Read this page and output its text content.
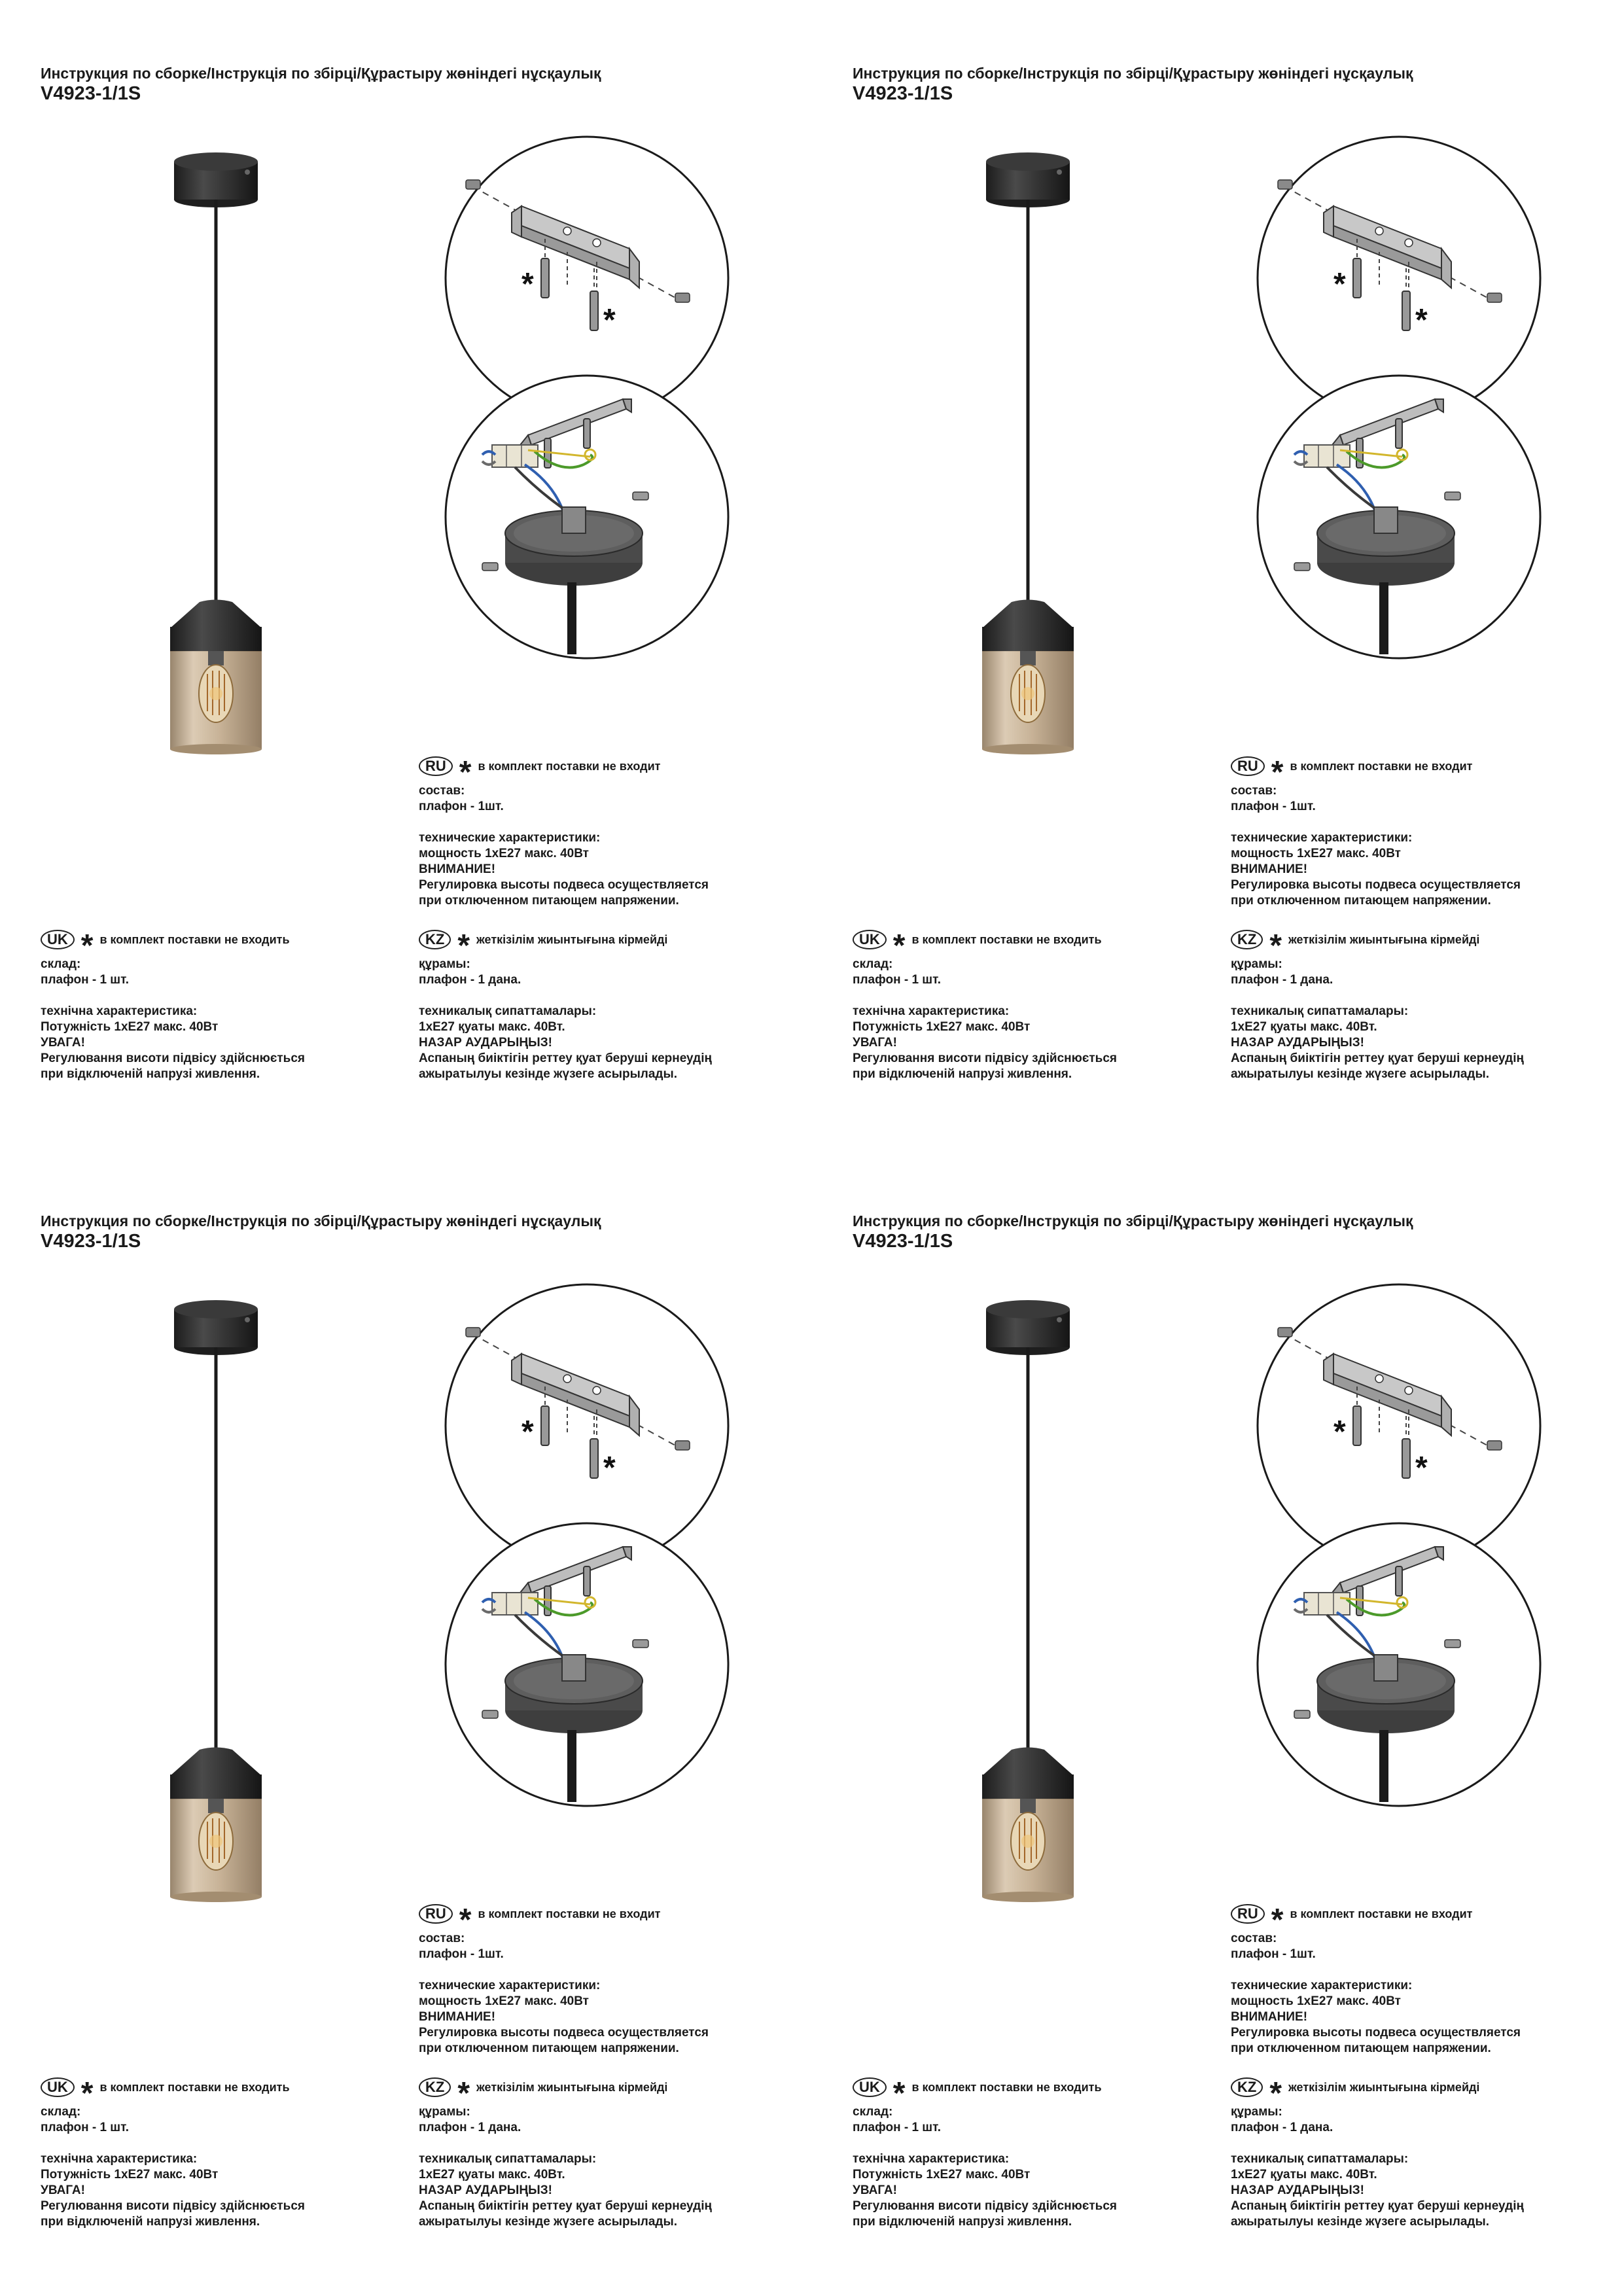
Инструкция по сборке/Інструкція по збірці/Құрастыру жөніндегі нұсқаулық
V4923-1/1S
*
*
RU * в комплект поставки не входит
состав:
плафон - 1шт.
технические характеристики:
мощность 1хЕ27 макс. 40Вт
ВНИМАНИЕ!
Регулировка высоты подвеса осуществляется
при отключенном питающем напряжении.
UK * в комплект поставки не входить
склад:
плафон - 1 шт.
технічна характеристика:
Потужність 1хЕ27 макс. 40Вт
УВАГА!
Регулювання висоти підвісу здійснюється
при відключеній напрузі живлення.
KZ * жеткізілім жиынтығына кірмейді
құрамы:
плафон - 1 дана.
техникалық сипаттамалары:
1хЕ27 қуаты макс. 40Вт.
НАЗАР АУДАРЫҢЫЗ!
Аспаның биіктігін реттеу қуат беруші кернеудің
ажыратылуы кезінде жүзеге асырылады.
Инструкция по сборке/Інструкція по збірці/Құрастыру жөніндегі нұсқаулық
V4923-1/1S
*
*
RU * в комплект поставки не входит
состав:
плафон - 1шт.
технические характеристики:
мощность 1хЕ27 макс. 40Вт
ВНИМАНИЕ!
Регулировка высоты подвеса осуществляется
при отключенном питающем напряжении.
UK * в комплект поставки не входить
склад:
плафон - 1 шт.
технічна характеристика:
Потужність 1хЕ27 макс. 40Вт
УВАГА!
Регулювання висоти підвісу здійснюється
при відключеній напрузі живлення.
KZ * жеткізілім жиынтығына кірмейді
құрамы:
плафон - 1 дана.
техникалық сипаттамалары:
1хЕ27 қуаты макс. 40Вт.
НАЗАР АУДАРЫҢЫЗ!
Аспаның биіктігін реттеу қуат беруші кернеудің
ажыратылуы кезінде жүзеге асырылады.
Инструкция по сборке/Інструкція по збірці/Құрастыру жөніндегі нұсқаулық
V4923-1/1S
*
*
RU * в комплект поставки не входит
состав:
плафон - 1шт.
технические характеристики:
мощность 1хЕ27 макс. 40Вт
ВНИМАНИЕ!
Регулировка высоты подвеса осуществляется
при отключенном питающем напряжении.
UK * в комплект поставки не входить
склад:
плафон - 1 шт.
технічна характеристика:
Потужність 1хЕ27 макс. 40Вт
УВАГА!
Регулювання висоти підвісу здійснюється
при відключеній напрузі живлення.
KZ * жеткізілім жиынтығына кірмейді
құрамы:
плафон - 1 дана.
техникалық сипаттамалары:
1хЕ27 қуаты макс. 40Вт.
НАЗАР АУДАРЫҢЫЗ!
Аспаның биіктігін реттеу қуат беруші кернеудің
ажыратылуы кезінде жүзеге асырылады.
Инструкция по сборке/Інструкція по збірці/Құрастыру жөніндегі нұсқаулық
V4923-1/1S
*
*
RU * в комплект поставки не входит
состав:
плафон - 1шт.
технические характеристики:
мощность 1хЕ27 макс. 40Вт
ВНИМАНИЕ!
Регулировка высоты подвеса осуществляется
при отключенном питающем напряжении.
UK * в комплект поставки не входить
склад:
плафон - 1 шт.
технічна характеристика:
Потужність 1хЕ27 макс. 40Вт
УВАГА!
Регулювання висоти підвісу здійснюється
при відключеній напрузі живлення.
KZ * жеткізілім жиынтығына кірмейді
құрамы:
плафон - 1 дана.
техникалық сипаттамалары:
1хЕ27 қуаты макс. 40Вт.
НАЗАР АУДАРЫҢЫЗ!
Аспаның биіктігін реттеу қуат беруші кернеудің
ажыратылуы кезінде жүзеге асырылады.
